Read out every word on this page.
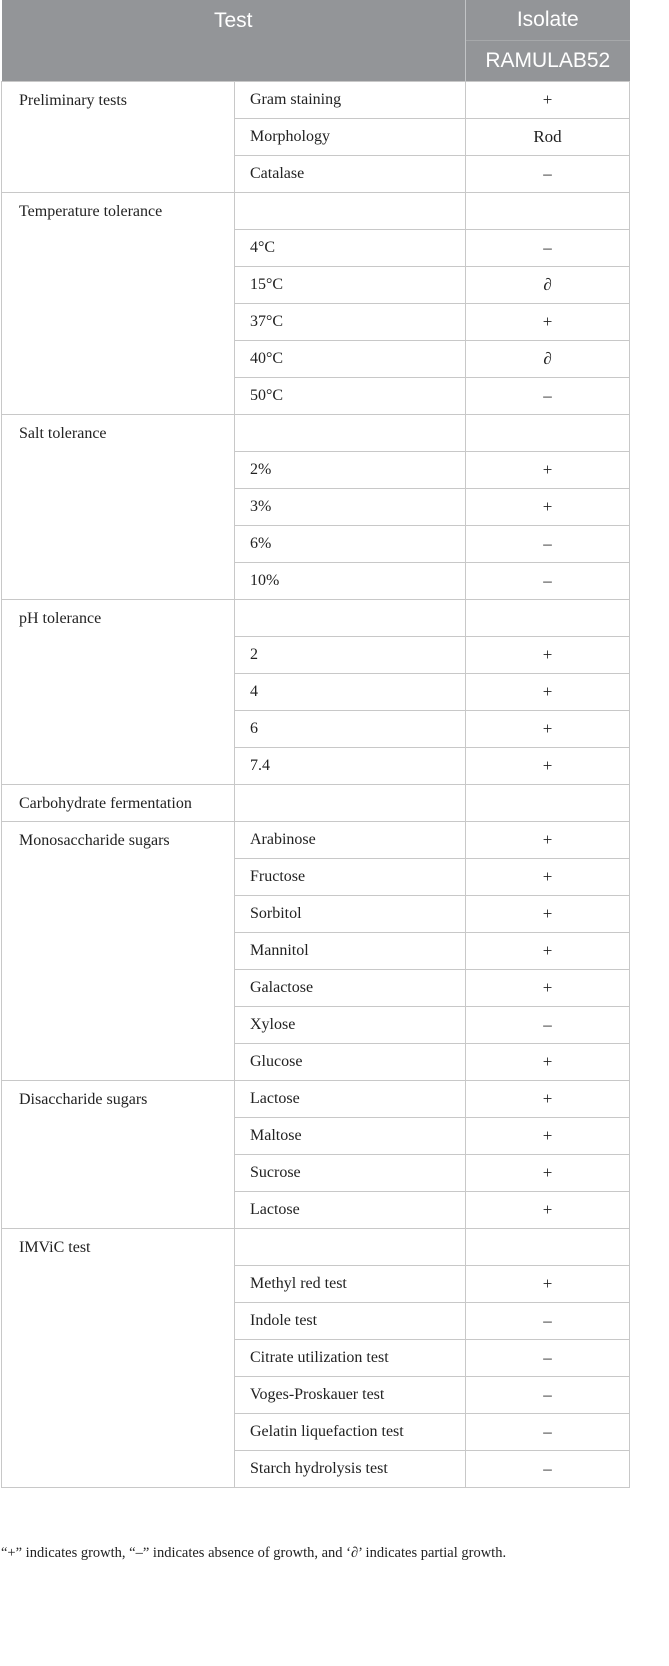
Test		Isolate
		RAMULAB52
Preliminary tests	Gram staining	+
	Morphology	Rod
	Catalase	–
Temperature tolerance		
	4°C	–
	15°C	∂
	37°C	+
	40°C	∂
	50°C	–
Salt tolerance		
	2%	+
	3%	+
	6%	–
	10%	–
pH tolerance		
	2	+
	4	+
	6	+
	7.4	+
Carbohydrate fermentation		
Monosaccharide sugars	Arabinose	+
	Fructose	+
	Sorbitol	+
	Mannitol	+
	Galactose	+
	Xylose	–
	Glucose	+
Disaccharide sugars	Lactose	+
	Maltose	+
	Sucrose	+
	Lactose	+
IMViC test		
	Methyl red test	+
	Indole test	–
	Citrate utilization test	–
	Voges-Proskauer test	–
	Gelatin liquefaction test	–
	Starch hydrolysis test	–
“+” indicates growth, “–” indicates absence of growth, and ‘∂’ indicates partial growth.
